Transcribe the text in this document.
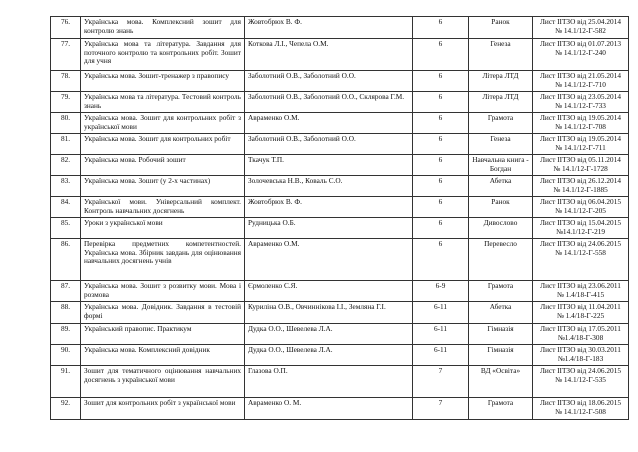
76.	Українська мова. Комплексний зошит для контролю знань	Жовтобрюх В. Ф.	6	Ранок	Лист ІІТЗО від 25.04.2014 № 14.1/12-Г-582
77.	Українська мова та література. Завдання для поточного контролю та контрольних робіт. Зошит для учня	Коткова Л.І., Чепела О.М.	6	Генеза	Лист ІІТЗО від 01.07.2013 № 14.1/12-Г-240
78.	Українська мова. Зошит-тренажер з правопису	Заболотний О.В., Заболотний О.О.	6	Літера ЛТД	Лист ІІТЗО від 21.05.2014 № 14.1/12-Г-710
79.	Українська мова та література. Тестовий контроль знань	Заболотний О.В., Заболотний О.О., Склярова Г.М.	6	Літера ЛТД	Лист ІІТЗО від 23.05.2014 № 14.1/12-Г-733
80.	Українська мова. Зошит для контрольних робіт з української мови	Авраменко О.М.	6	Грамота	Лист ІІТЗО від 19.05.2014 № 14.1/12-Г-708
81.	Українська мова. Зошит для контрольних робіт	Заболотний О.В., Заболотний О.О.	6	Генеза	Лист ІІТЗО від 19.05.2014 № 14.1/12-Г-711
82.	Українська мова. Робочий зошит	Ткачук Т.П.	6	Навчальна книга - Богдан	Лист ІІТЗО від 05.11.2014 № 14.1/12-Г-1728
83.	Українська мова. Зошит (у 2-х частинах)	Золочевська Н.В., Коваль С.О.	6	Абетка	Лист ІІТЗО від 26.12.2014 № 14.1/12-Г-1885
84.	Української мови. Універсальний комплект. Контроль навчальних досягнень	Жовтобрюх В. Ф.	6	Ранок	Лист ІІТЗО від 06.04.2015 № 14.1/12-Г-205
85.	Уроки з української мови	Рудницька О.Б.	6	Дивослово	Лист ІІТЗО від 15.04.2015 №14.1/12-Г-219
86.	Перевірка предметних компетентностей. Українська мова. Збірник завдань для оцінювання навчальних досягнень учнів	Авраменко О.М.	6	Перевесло	Лист ІІТЗО від 24.06.2015 № 14.1/12-Г-558
87.	Українська мова. Зошит з розвитку мови. Мова і розмова	Єрмоленко С.Я.	6-9	Грамота	Лист ІІТЗО від 23.06.2011 № 1.4/18-Г-415
88.	Українська мова. Довідник. Завдання в тестовій формі	Куриліна О.В., Овчиннікова І.І., Земляна Г.І.	6-11	Абетка	Лист ІІТЗО від 11.04.2011 № 1.4/18-Г-225
89.	Український правопис. Практикум	Дудка О.О., Шевелева Л.А.	6-11	Гімназія	Лист ІІТЗО від 17.05.2011 №1.4/18-Г-308
90.	Українська мова. Комплексний довідник	Дудка О.О., Шевелева Л.А.	6-11	Гімназія	Лист ІІТЗО від 30.03.2011 №1.4/18-Г-183
91.	Зошит для тематичного оцінювання навчальних досягнень з української мови	Глазова О.П.	7	ВД «Освіта»	Лист ІІТЗО від 24.06.2015 № 14.1/12-Г-535
92.	Зошит для контрольних робіт з української мови	Авраменко О. М.	7	Грамота	Лист ІІТЗО від 18.06.2015 № 14.1/12-Г-508
